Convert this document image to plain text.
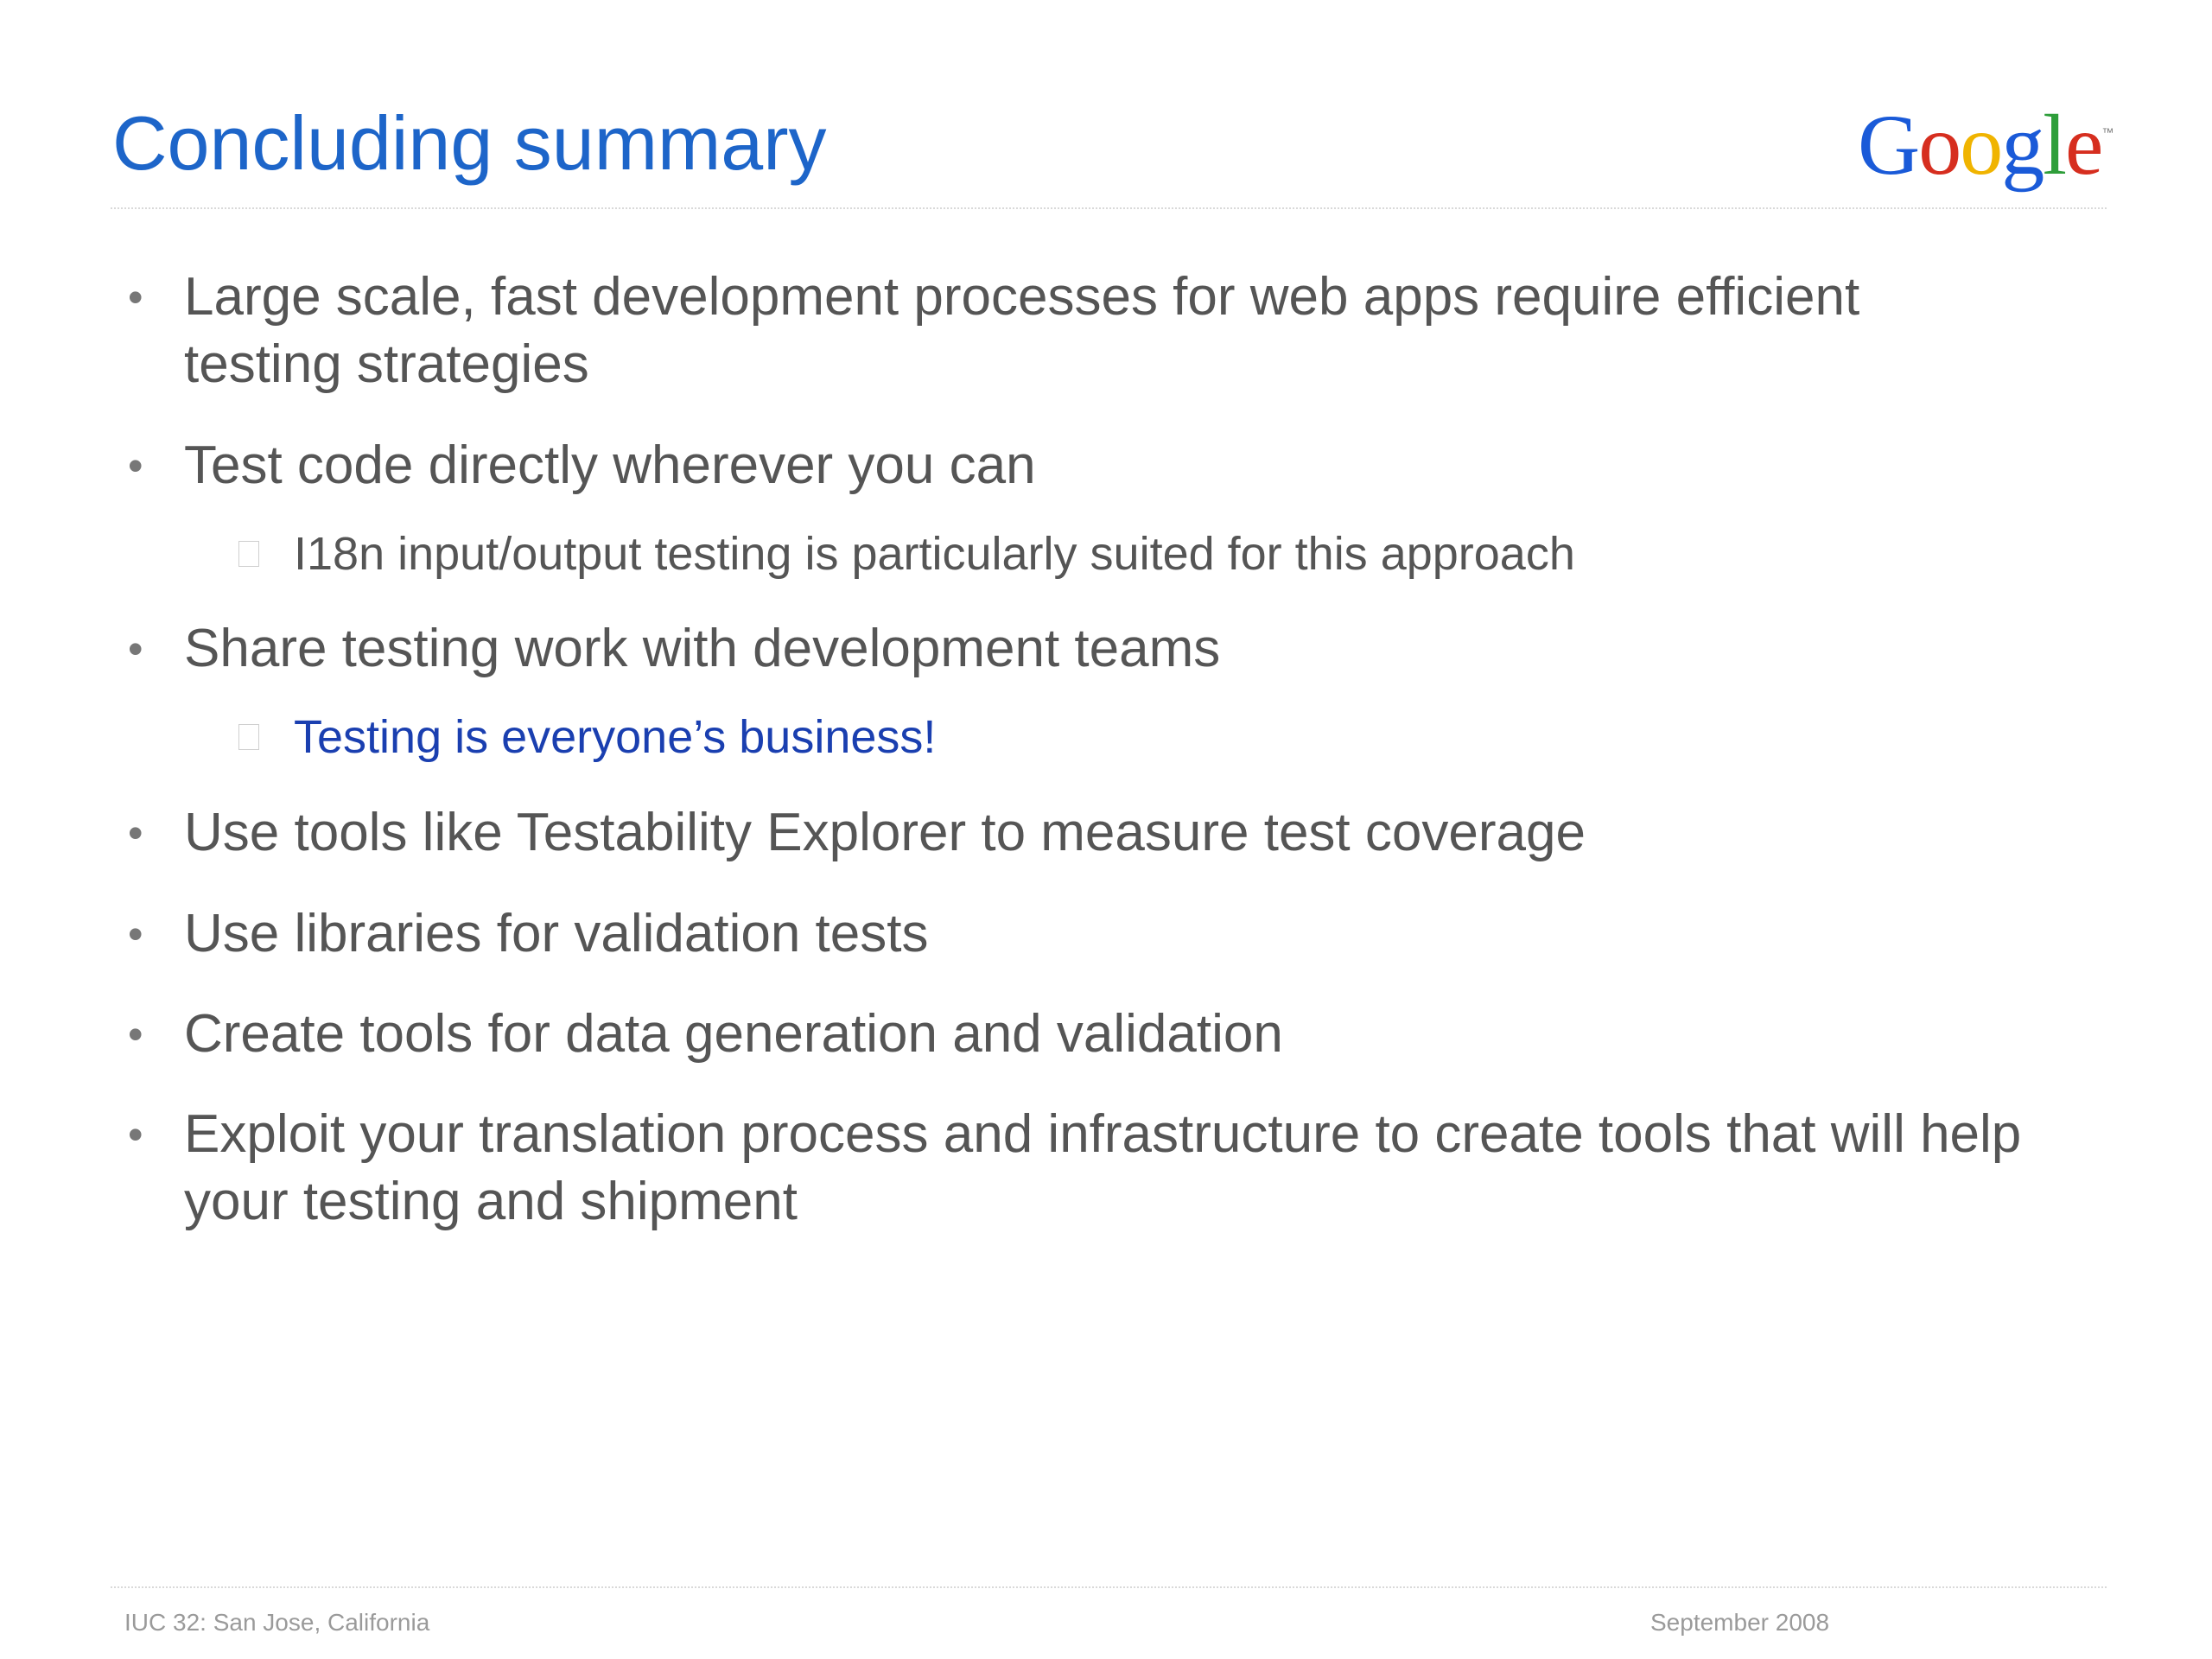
Concluding summary	Google™
• Large scale, fast development processes for web apps require efficient testing strategies
• Test code directly wherever you can
I18n input/output testing is particularly suited for this approach
• Share testing work with development teams
Testing is everyone’s business!
• Use tools like Testability Explorer to measure test coverage
• Use libraries for validation tests
• Create tools for data generation and validation
• Exploit your translation process and infrastructure to create tools that will help your testing and shipment
IUC 32: San Jose, California	September 2008
